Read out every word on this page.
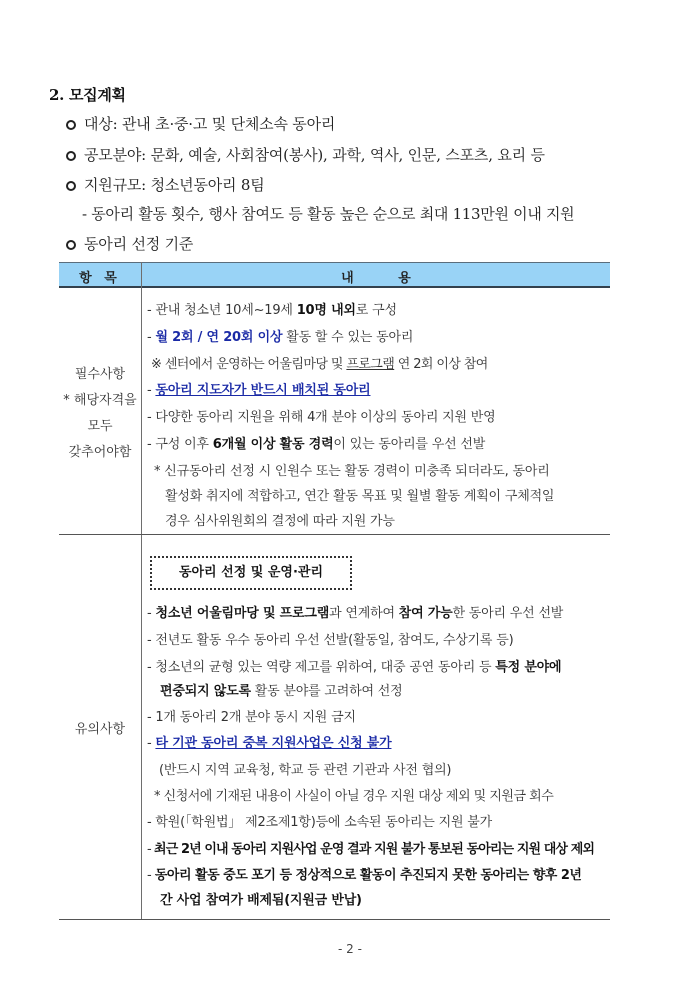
2. 모집계획
대상: 관내 초·중·고 및 단체소속 동아리
공모분야: 문화, 예술, 사회참여(봉사), 과학, 역사, 인문, 스포츠, 요리 등
지원규모: 청소년동아리 8팀
- 동아리 활동 횟수, 행사 참여도 등 활동 높은 순으로 최대 113만원 이내 지원
동아리 선정 기준
항 목	내 용
필수사항
* 해당자격을
모두
갖추어야함
- 관내 청소년 10세~19세 10명 내외로 구성
- 월 2회 / 연 20회 이상 활동 할 수 있는 동아리
※ 센터에서 운영하는 어울림마당 및 프로그램 연 2회 이상 참여
- 동아리 지도자가 반드시 배치된 동아리
- 다양한 동아리 지원을 위해 4개 분야 이상의 동아리 지원 반영
- 구성 이후 6개월 이상 활동 경력이 있는 동아리를 우선 선발
* 신규동아리 선정 시 인원수 또는 활동 경력이 미충족 되더라도, 동아리
활성화 취지에 적합하고, 연간 활동 목표 및 월별 활동 계획이 구체적일
경우 심사위원회의 결정에 따라 지원 가능
유의사항
동아리 선정 및 운영·관리
- 청소년 어울림마당 및 프로그램과 연계하여 참여 가능한 동아리 우선 선발
- 전년도 활동 우수 동아리 우선 선발(활동일, 참여도, 수상기록 등)
- 청소년의 균형 있는 역량 제고를 위하여, 대중 공연 동아리 등 특정 분야에
편중되지 않도록 활동 분야를 고려하여 선정
- 1개 동아리 2개 분야 동시 지원 금지
- 타 기관 동아리 중복 지원사업은 신청 불가
(반드시 지역 교육청, 학교 등 관련 기관과 사전 협의)
* 신청서에 기재된 내용이 사실이 아닐 경우 지원 대상 제외 및 지원금 회수
- 학원(「학원법」 제2조제1항)등에 소속된 동아리는 지원 불가
- 최근 2년 이내 동아리 지원사업 운영 결과 지원 불가 통보된 동아리는 지원 대상 제외
- 동아리 활동 중도 포기 등 정상적으로 활동이 추진되지 못한 동아리는 향후 2년
간 사업 참여가 배제됨(지원금 반납)
- 2 -
